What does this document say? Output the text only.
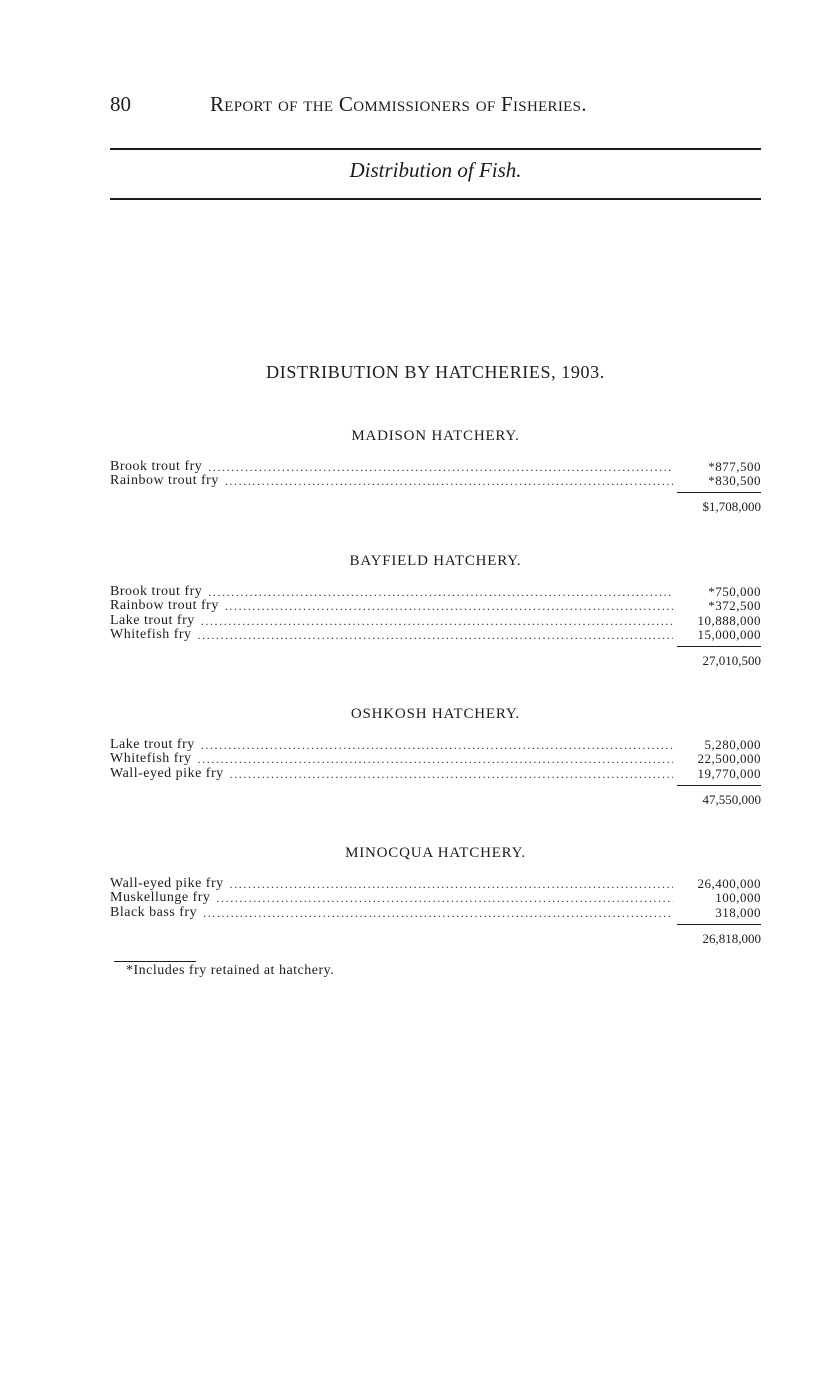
80	Report of the Commissioners of Fisheries.
Distribution of Fish.
DISTRIBUTION BY HATCHERIES, 1903.
MADISON HATCHERY.
Brook trout fry .....	*877,500
Rainbow trout fry .....	*830,500
$1,708,000
BAYFIELD HATCHERY.
Brook trout fry .....	*750,000
Rainbow trout fry .....	*372,500
Lake trout fry .....	10,888,000
Whitefish fry .....	15,000,000
27,010,500
OSHKOSH HATCHERY.
Lake trout fry .....	5,280,000
Whitefish fry .....	22,500,000
Wall-eyed pike fry .....	19,770,000
47,550,000
MINOCQUA HATCHERY.
Wall-eyed pike fry .....	26,400,000
Muskellunge fry .....	100,000
Black bass fry .....	318,000
26,818,000
*Includes fry retained at hatchery.
